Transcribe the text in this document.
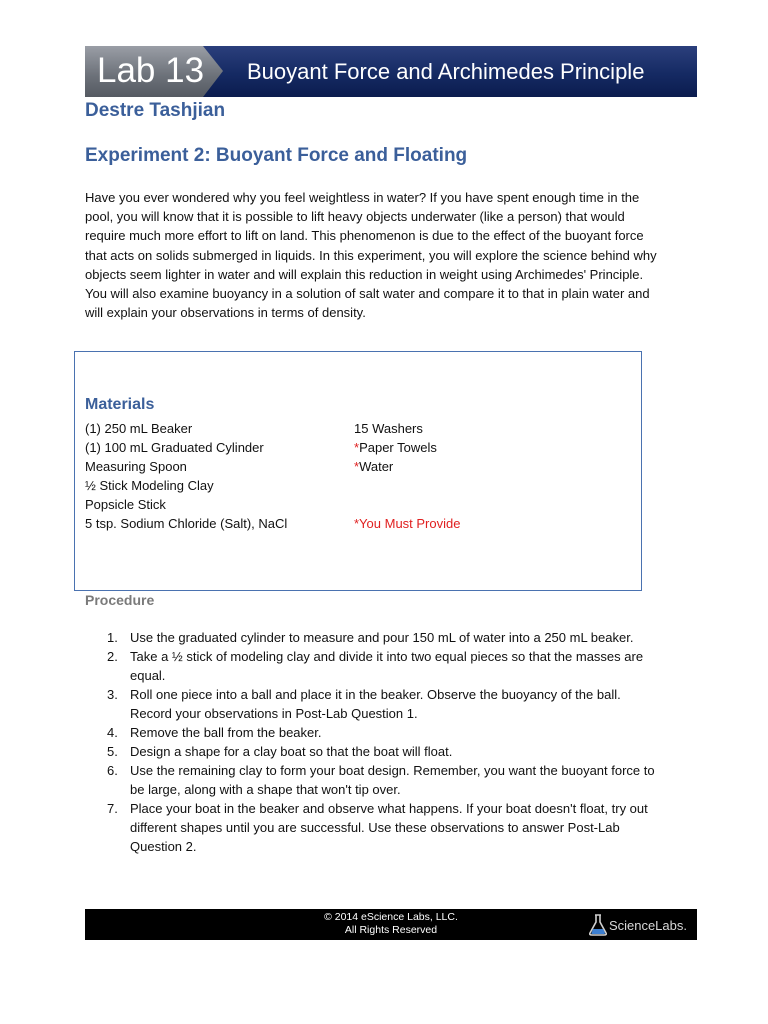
Lab 13 Buoyant Force and Archimedes Principle
Destre Tashjian
Experiment 2: Buoyant Force and Floating
Have you ever wondered why you feel weightless in water? If you have spent enough time in the pool, you will know that it is possible to lift heavy objects underwater (like a person) that would require much more effort to lift on land. This phenomenon is due to the effect of the buoyant force that acts on solids submerged in liquids. In this experiment, you will explore the science behind why objects seem lighter in water and will explain this reduction in weight using Archimedes' Principle. You will also examine buoyancy in a solution of salt water and compare it to that in plain water and will explain your observations in terms of density.
Materials
(1) 250 mL Beaker
(1) 100 mL Graduated Cylinder
Measuring Spoon
½ Stick Modeling Clay
Popsicle Stick
5 tsp. Sodium Chloride (Salt), NaCl
15 Washers
*Paper Towels
*Water

*You Must Provide
Procedure
1. Use the graduated cylinder to measure and pour 150 mL of water into a 250 mL beaker.
2. Take a ½ stick of modeling clay and divide it into two equal pieces so that the masses are equal.
3. Roll one piece into a ball and place it in the beaker. Observe the buoyancy of the ball. Record your observations in Post-Lab Question 1.
4. Remove the ball from the beaker.
5. Design a shape for a clay boat so that the boat will float.
6. Use the remaining clay to form your boat design. Remember, you want the buoyant force to be large, along with a shape that won't tip over.
7. Place your boat in the beaker and observe what happens. If your boat doesn't float, try out different shapes until you are successful. Use these observations to answer Post-Lab Question 2.
© 2014 eScience Labs, LLC.
All Rights Reserved	ScienceLabs.
